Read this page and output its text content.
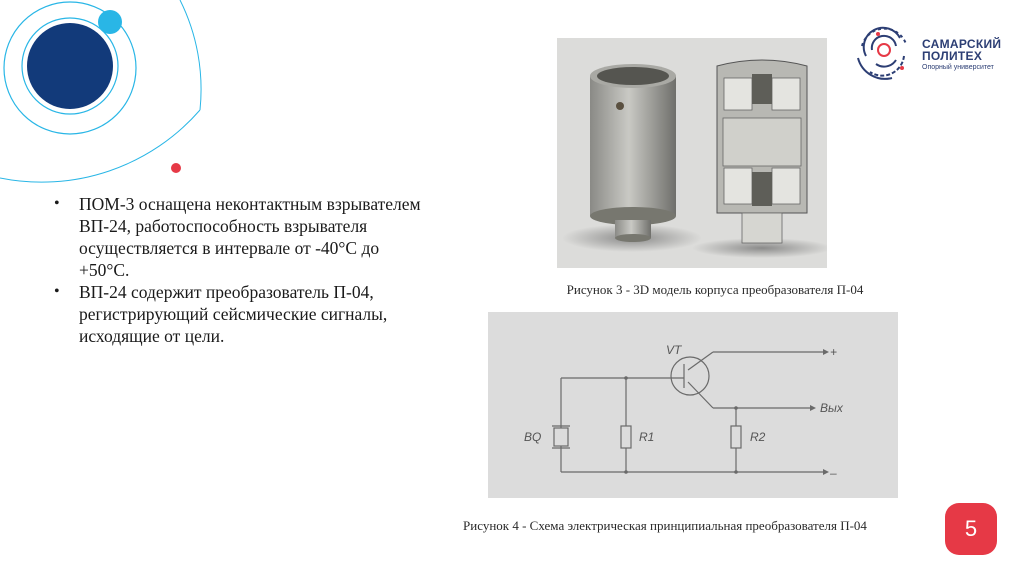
• ПОМ-3 оснащена неконтактным взрывателем ВП-24, работоспособность взрывателя осуществляется в интервале от -40°С до +50°С.
• ВП-24 содержит преобразователь П-04, регистрирующий сейсмические сигналы, исходящие от цели.
Рисунок 3 - 3D модель корпуса преобразователя П-04
VT	+
Вых
BQ	R1	R2
–
Рисунок 4 - Схема электрическая принципиальная преобразователя П-04
САМАРСКИЙ
ПОЛИТЕХ
Опорный университет
5
